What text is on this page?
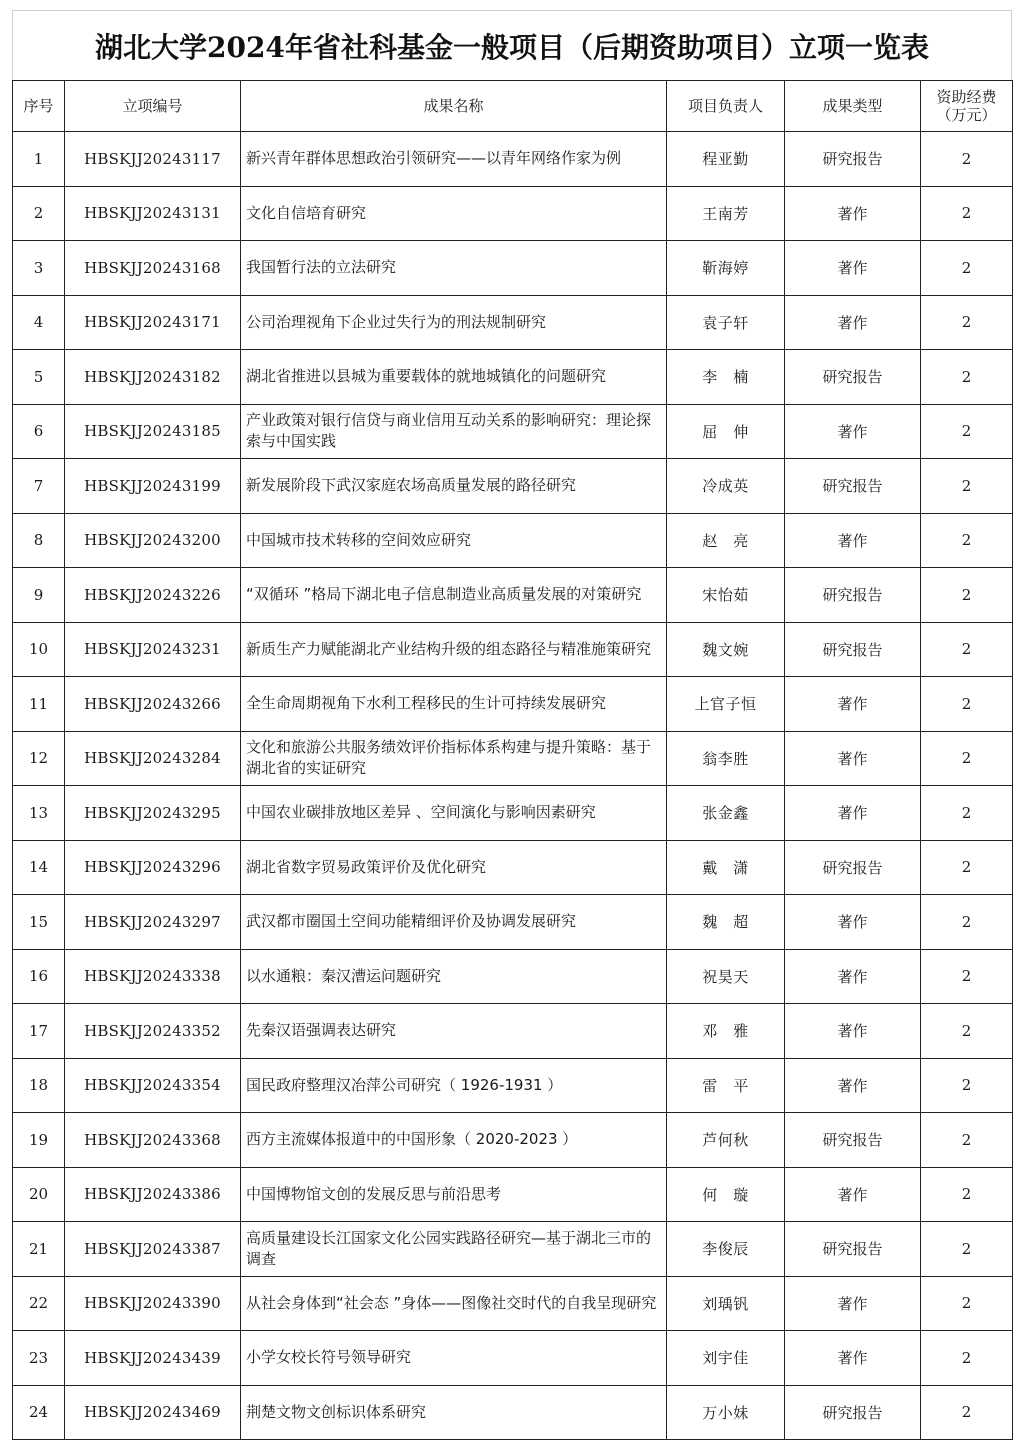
湖北大学2024年省社科基金一般项目（后期资助项目）立项一览表
序号	立项编号	成果名称	项目负责人	成果类型	资助经费
（万元）

1	HBSKJJ20243117	新兴青年群体思想政治引领研究——以青年网络作家为例	程亚勤	研究报告	2
2	HBSKJJ20243131	文化自信培育研究	王南芳	著作	2
3	HBSKJJ20243168	我国暂行法的立法研究	靳海婷	著作	2
4	HBSKJJ20243171	公司治理视角下企业过失行为的刑法规制研究	袁子轩	著作	2
5	HBSKJJ20243182	湖北省推进以县城为重要载体的就地城镇化的问题研究	李　楠	研究报告	2
6	HBSKJJ20243185	产业政策对银行信贷与商业信用互动关系的影响研究：理论探索与中国实践	屈　伸	著作	2
7	HBSKJJ20243199	新发展阶段下武汉家庭农场高质量发展的路径研究	冷成英	研究报告	2
8	HBSKJJ20243200	中国城市技术转移的空间效应研究	赵　亮	著作	2
9	HBSKJJ20243226	“双循环 ”格局下湖北电子信息制造业高质量发展的对策研究	宋怡茹	研究报告	2
10	HBSKJJ20243231	新质生产力赋能湖北产业结构升级的组态路径与精准施策研究	魏文婉	研究报告	2
11	HBSKJJ20243266	全生命周期视角下水利工程移民的生计可持续发展研究	上官子恒	著作	2
12	HBSKJJ20243284	文化和旅游公共服务绩效评价指标体系构建与提升策略：基于湖北省的实证研究	翁李胜	著作	2
13	HBSKJJ20243295	中国农业碳排放地区差异 、空间演化与影响因素研究	张金鑫	著作	2
14	HBSKJJ20243296	湖北省数字贸易政策评价及优化研究	戴　潇	研究报告	2
15	HBSKJJ20243297	武汉都市圈国土空间功能精细评价及协调发展研究	魏　超	著作	2
16	HBSKJJ20243338	以水通粮：秦汉漕运问题研究	祝昊天	著作	2
17	HBSKJJ20243352	先秦汉语强调表达研究	邓　雅	著作	2
18	HBSKJJ20243354	国民政府整理汉冶萍公司研究（ 1926-1931 ）	雷　平	著作	2
19	HBSKJJ20243368	西方主流媒体报道中的中国形象（ 2020-2023 ）	芦何秋	研究报告	2
20	HBSKJJ20243386	中国博物馆文创的发展反思与前沿思考	何　璇	著作	2
21	HBSKJJ20243387	高质量建设长江国家文化公园实践路径研究—基于湖北三市的调查	李俊辰	研究报告	2
22	HBSKJJ20243390	从社会身体到“社会态 ”身体——图像社交时代的自我呈现研究	刘瑀钒	著作	2
23	HBSKJJ20243439	小学女校长符号领导研究	刘宇佳	著作	2
24	HBSKJJ20243469	荆楚文物文创标识体系研究	万小妹	研究报告	2
